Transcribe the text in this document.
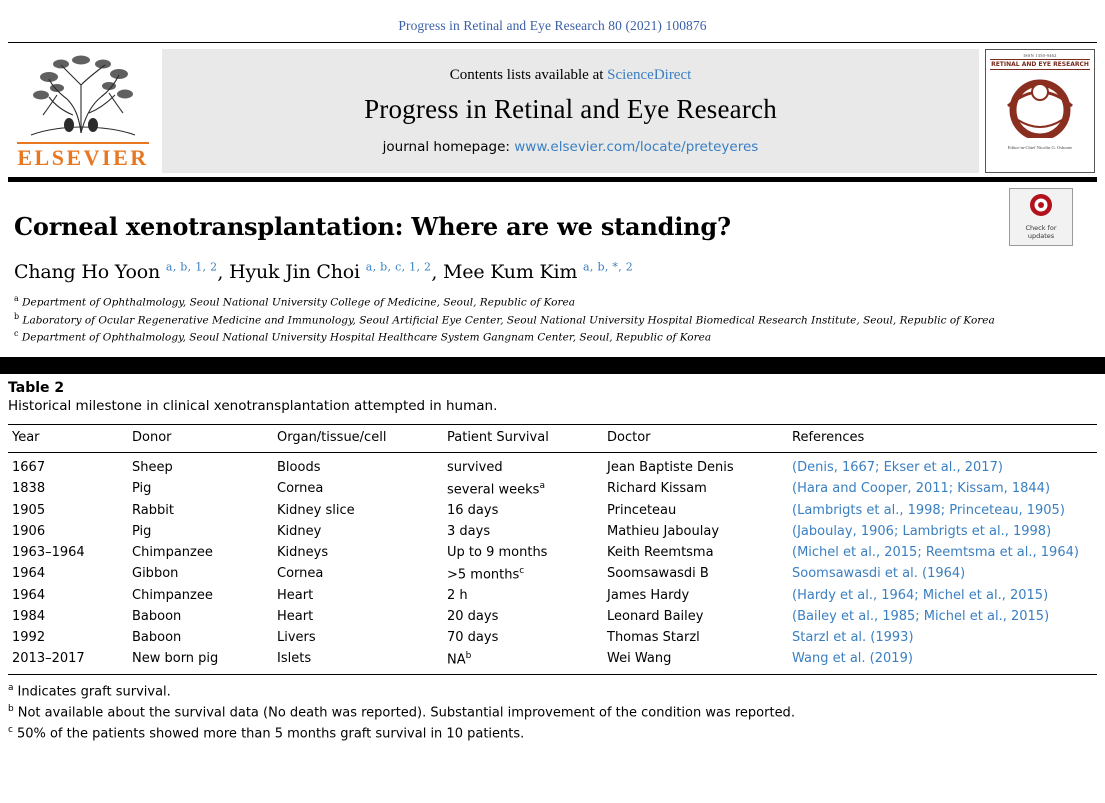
Progress in Retinal and Eye Research 80 (2021) 100876
ELSEVIER
Contents lists available at ScienceDirect
Progress in Retinal and Eye Research
journal homepage: www.elsevier.com/locate/preteyeres
ISSN 1350-9462
RETINAL AND EYE RESEARCH
Editor-in-Chief Nicolás G. Osborne
Check for
updates
Corneal xenotransplantation: Where are we standing?
Chang Ho Yoon $^{a, b, 1, 2}$, Hyuk Jin Choi $^{a, b, c, 1, 2}$, Mee Kum Kim $^{a, b, *, 2}$
$^a$ Department of Ophthalmology, Seoul National University College of Medicine, Seoul, Republic of Korea
$^b$ Laboratory of Ocular Regenerative Medicine and Immunology, Seoul Artificial Eye Center, Seoul National University Hospital Biomedical Research Institute, Seoul, Republic of Korea
$^c$ Department of Ophthalmology, Seoul National University Hospital Healthcare System Gangnam Center, Seoul, Republic of Korea
Table 2
Historical milestone in clinical xenotransplantation attempted in human.
Year	Donor	Organ/tissue/cell	Patient Survival	Doctor	References
1667	Sheep	Bloods	survived	Jean Baptiste Denis	(Denis, 1667; Ekser et al., 2017)
1838	Pig	Cornea	several weeks$^a$	Richard Kissam	(Hara and Cooper, 2011; Kissam, 1844)
1905	Rabbit	Kidney slice	16 days	Princeteau	(Lambrigts et al., 1998; Princeteau, 1905)
1906	Pig	Kidney	3 days	Mathieu Jaboulay	(Jaboulay, 1906; Lambrigts et al., 1998)
1963–1964	Chimpanzee	Kidneys	Up to 9 months	Keith Reemtsma	(Michel et al., 2015; Reemtsma et al., 1964)
1964	Gibbon	Cornea	>5 months$^c$	Soomsawasdi B	Soomsawasdi et al. (1964)
1964	Chimpanzee	Heart	2 h	James Hardy	(Hardy et al., 1964; Michel et al., 2015)
1984	Baboon	Heart	20 days	Leonard Bailey	(Bailey et al., 1985; Michel et al., 2015)
1992	Baboon	Livers	70 days	Thomas Starzl	Starzl et al. (1993)
2013–2017	New born pig	Islets	NA$^b$	Wei Wang	Wang et al. (2019)
$^a$ Indicates graft survival.
$^b$ Not available about the survival data (No death was reported). Substantial improvement of the condition was reported.
$^c$ 50% of the patients showed more than 5 months graft survival in 10 patients.
